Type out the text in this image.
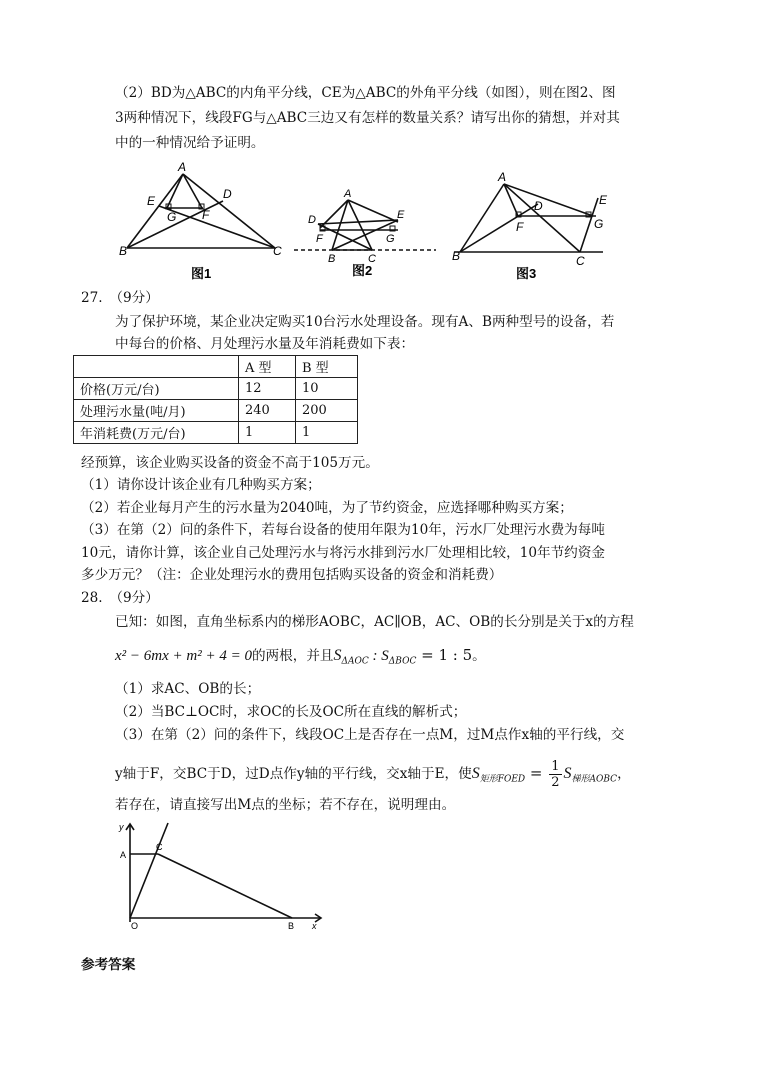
（2）BD为△ABC的内角平分线，CE为△ABC的外角平分线（如图），则在图2、图
3两种情况下，线段FG与△ABC三边又有怎样的数量关系？请写出你的猜想，并对其
中的一种情况给予证明。
A
E	D
G F
B	C
图1
A
D	E
F	G
B	C
图2
A
D	E
F	G
B	C
图3
27.　（9分）
为了保护环境，某企业决定购买10台污水处理设备。现有A、B两种型号的设备，若
中每台的价格、月处理污水量及年消耗费如下表：
	A 型	B 型
价格(万元/台)	12	10
处理污水量(吨/月)	240	200
年消耗费(万元/台)	1	1
经预算，该企业购买设备的资金不高于105万元。
（1）请你设计该企业有几种购买方案；
（2）若企业每月产生的污水量为2040吨，为了节约资金，应选择哪种购买方案；
（3）在第（2）问的条件下，若每台设备的使用年限为10年，污水厂处理污水费为每吨
10元，请你计算，该企业自己处理污水与将污水排到污水厂处理相比较，10年节约资金
多少万元？（注：企业处理污水的费用包括购买设备的资金和消耗费）
28.　（9分）
已知：如图，直角坐标系内的梯形AOBC，AC∥OB，AC、OB的长分别是关于x的方程
x² − 6mx + m² + 4 = 0的两根，并且$S_{\Delta AOC}$ : $S_{\Delta BOC} = 1$ : 5。
（1）求AC、OB的长；
（2）当BC⊥OC时，求OC的长及OC所在直线的解析式；
（3）在第（2）问的条件下，线段OC上是否存在一点M，过M点作x轴的平行线，交
y轴于F，交BC于D，过D点作y轴的平行线，交x轴于E，使$S_{矩形FOED} = \frac{1}{2} S_{梯形AOBC}$，
若存在，请直接写出M点的坐标；若不存在，说明理由。
y
x
A
C
O	B
参考答案
